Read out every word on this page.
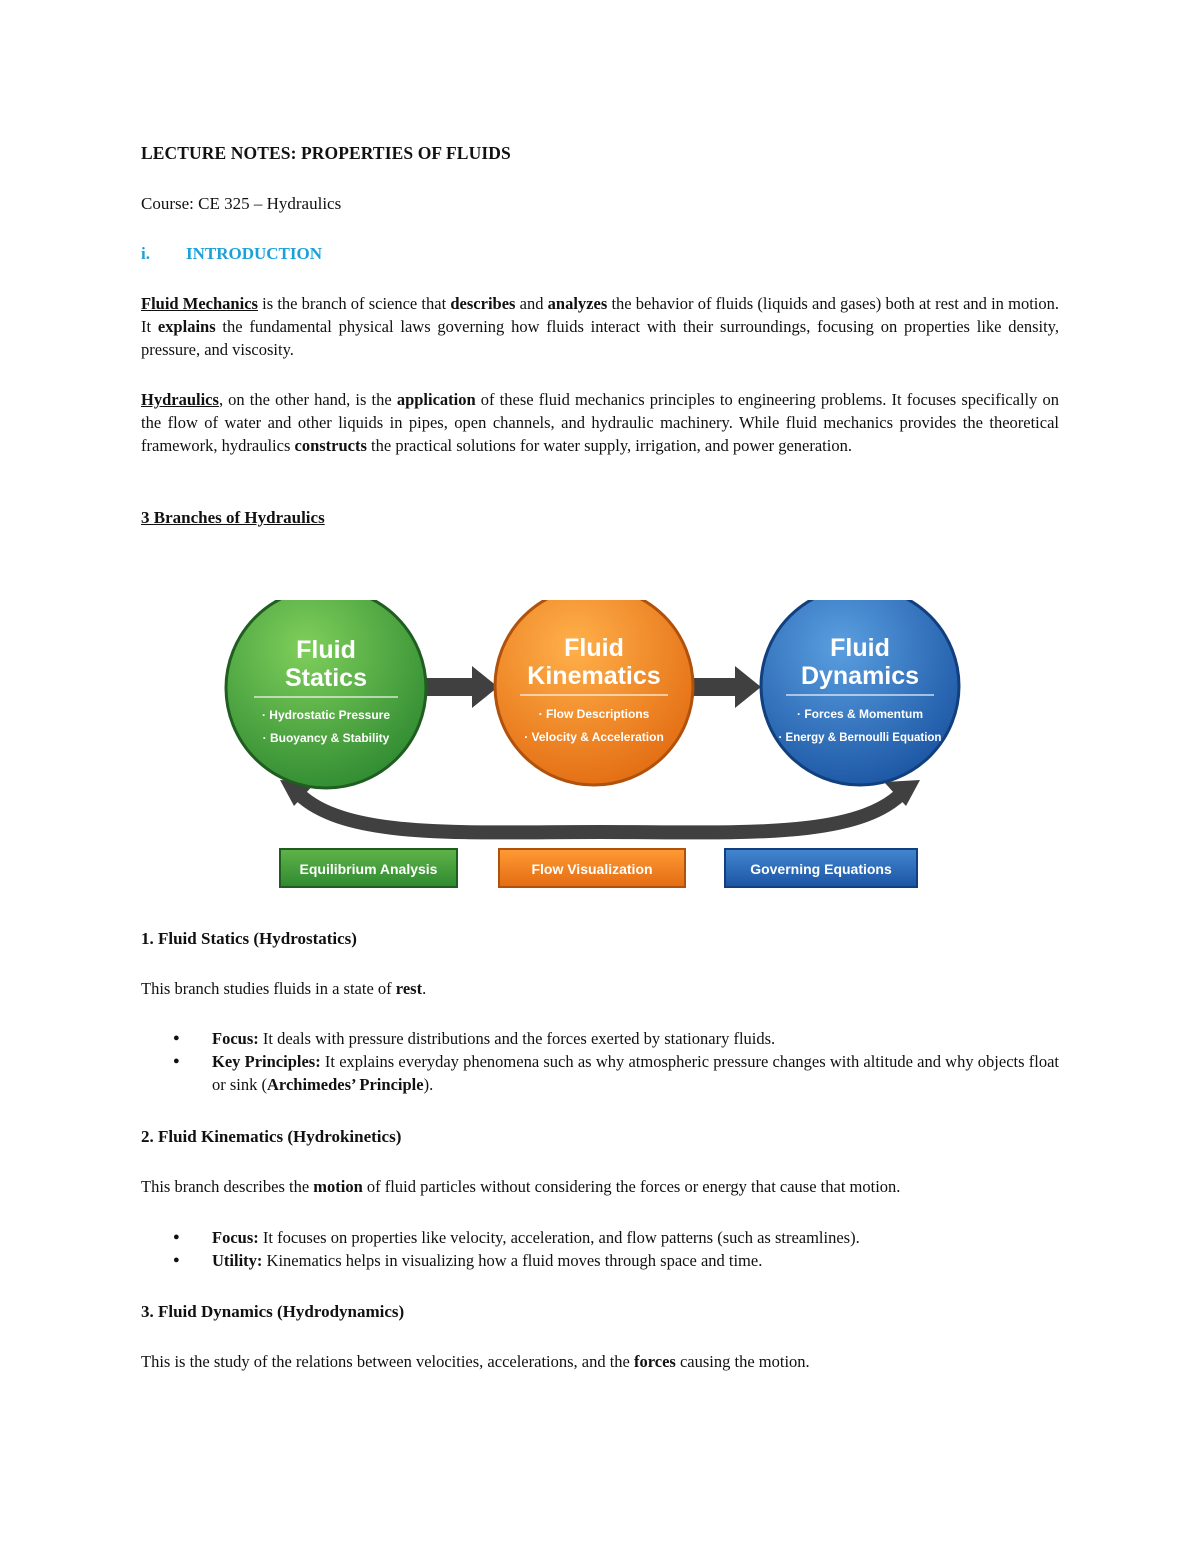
LECTURE NOTES: PROPERTIES OF FLUIDS
Course: CE 325 – Hydraulics
i. INTRODUCTION
Fluid Mechanics is the branch of science that describes and analyzes the behavior of fluids (liquids and gases) both at rest and in motion. It explains the fundamental physical laws governing how fluids interact with their surroundings, focusing on properties like density, pressure, and viscosity.
Hydraulics, on the other hand, is the application of these fluid mechanics principles to engineering problems. It focuses specifically on the flow of water and other liquids in pipes, open channels, and hydraulic machinery. While fluid mechanics provides the theoretical framework, hydraulics constructs the practical solutions for water supply, irrigation, and power generation.
3 Branches of Hydraulics
Fluid
Statics
· Hydrostatic Pressure
· Buoyancy & Stability
Fluid
Kinematics
· Flow Descriptions
· Velocity & Acceleration
Fluid
Dynamics
· Forces & Momentum
· Energy & Bernoulli Equation
Equilibrium Analysis	Flow Visualization	Governing Equations
1. Fluid Statics (Hydrostatics)
This branch studies fluids in a state of rest.
● Focus: It deals with pressure distributions and the forces exerted by stationary fluids.
● Key Principles: It explains everyday phenomena such as why atmospheric pressure changes with altitude and why objects float or sink (Archimedes’ Principle).
2. Fluid Kinematics (Hydrokinetics)
This branch describes the motion of fluid particles without considering the forces or energy that cause that motion.
● Focus: It focuses on properties like velocity, acceleration, and flow patterns (such as streamlines).
● Utility: Kinematics helps in visualizing how a fluid moves through space and time.
3. Fluid Dynamics (Hydrodynamics)
This is the study of the relations between velocities, accelerations, and the forces causing the motion.
